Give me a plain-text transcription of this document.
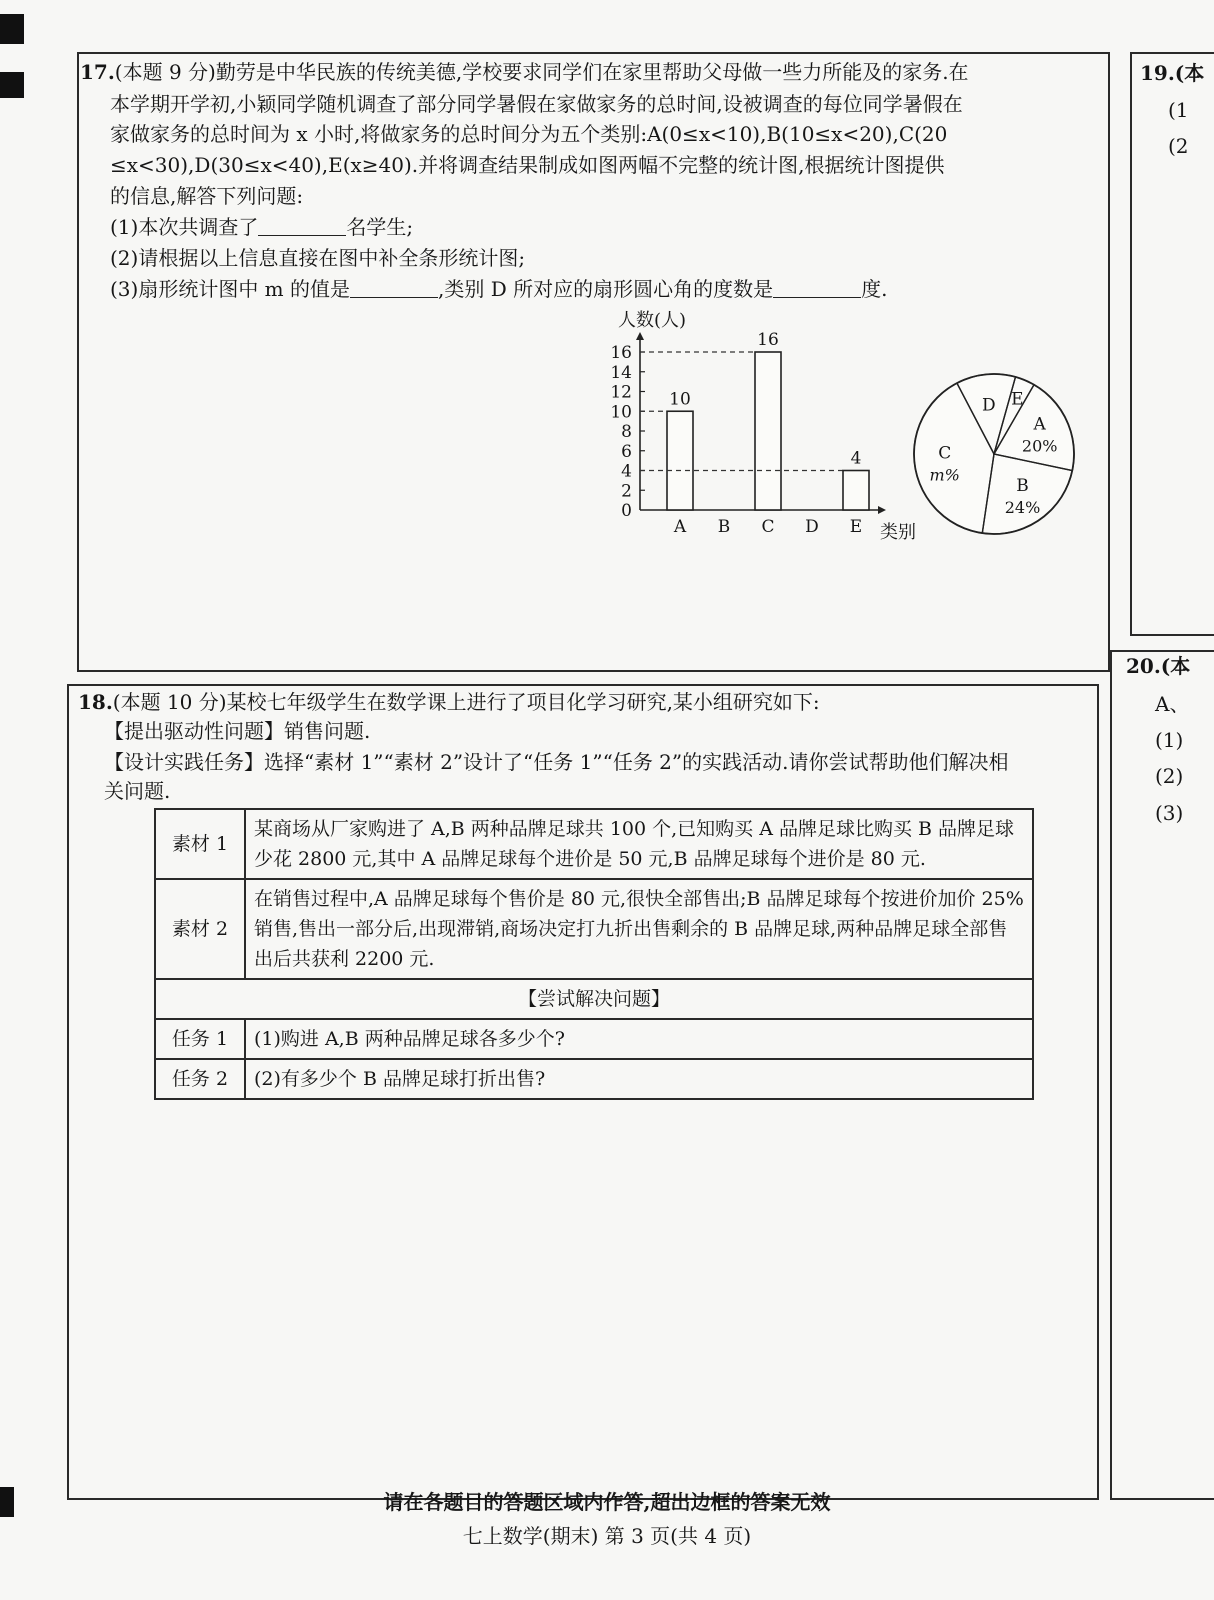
17.(本题 9 分)勤劳是中华民族的传统美德,学校要求同学们在家里帮助父母做一些力所能及的家务.在
本学期开学初,小颖同学随机调查了部分同学暑假在家做家务的总时间,设被调查的每位同学暑假在
家做家务的总时间为 x 小时,将做家务的总时间分为五个类别:A(0≤x<10),B(10≤x<20),C(20
≤x<30),D(30≤x<40),E(x≥40).并将调查结果制成如图两幅不完整的统计图,根据统计图提供
的信息,解答下列问题:
(1)本次共调查了	名学生;
(2)请根据以上信息直接在图中补全条形统计图;
(3)扇形统计图中 m 的值是	,类别 D 所对应的扇形圆心角的度数是	度.
人数(人)
类别
0
2
4
6
8
10
12
14
16
A
10
B C
16
D E
4
A
20%
B
24%
C
m%
D E
18.(本题 10 分)某校七年级学生在数学课上进行了项目化学习研究,某小组研究如下:
【提出驱动性问题】销售问题.
【设计实践任务】选择“素材 1”“素材 2”设计了“任务 1”“任务 2”的实践活动.请你尝试帮助他们解决相
关问题.
素材 1	某商场从厂家购进了 A,B 两种品牌足球共 100 个,已知购买 A 品牌足球比购买 B 品牌足球少花 2800 元,其中 A 品牌足球每个进价是 50 元,B 品牌足球每个进价是 80 元.
素材 2	在销售过程中,A 品牌足球每个售价是 80 元,很快全部售出;B 品牌足球每个按进价加价 25%销售,售出一部分后,出现滞销,商场决定打九折出售剩余的 B 品牌足球,两种品牌足球全部售出后共获利 2200 元.
【尝试解决问题】	
任务 1	(1)购进 A,B 两种品牌足球各多少个?
任务 2	(2)有多少个 B 品牌足球打折出售?
19.(本
(1
(2
20.(本
A、
(1)
(2)
(3)
请在各题目的答题区域内作答,超出边框的答案无效
七上数学(期末) 第 3 页(共 4 页)
